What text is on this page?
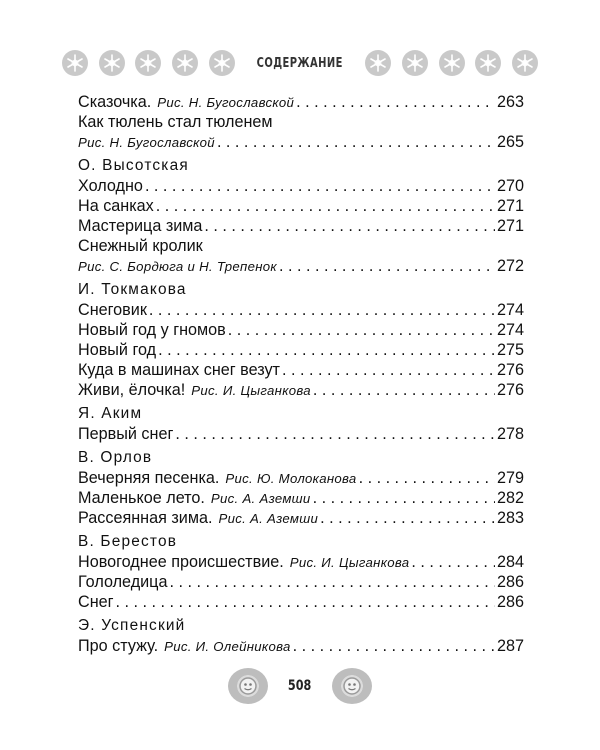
СОДЕРЖАНИЕ
Сказочка. Рис. Н. Бугославской . . .	263
Как тюлень стал тюленем
Рис. Н. Бугославской . . .	265
О. Высотская
Холодно . . .	270
На санках . . .	271
Мастерица зима . . .	271
Снежный кролик
Рис. С. Бордюга и Н. Трепенок . . .	272
И. Токмакова
Снеговик . . .	274
Новый год у гномов . . .	274
Новый год . . .	275
Куда в машинах снег везут . . .	276
Живи, ёлочка! Рис. И. Цыганкова . . .	276
Я. Аким
Первый снег . . .	278
В. Орлов
Вечерняя песенка. Рис. Ю. Молоканова . . .	279
Маленькое лето. Рис. А. Аземши . . .	282
Рассеянная зима. Рис. А. Аземши . . .	283
В. Берестов
Новогоднее происшествие. Рис. И. Цыганкова . . .	284
Гололедица . . .	286
Снег . . .	286
Э. Успенский
Про стужу. Рис. И. Олейникова . . .	287
508
